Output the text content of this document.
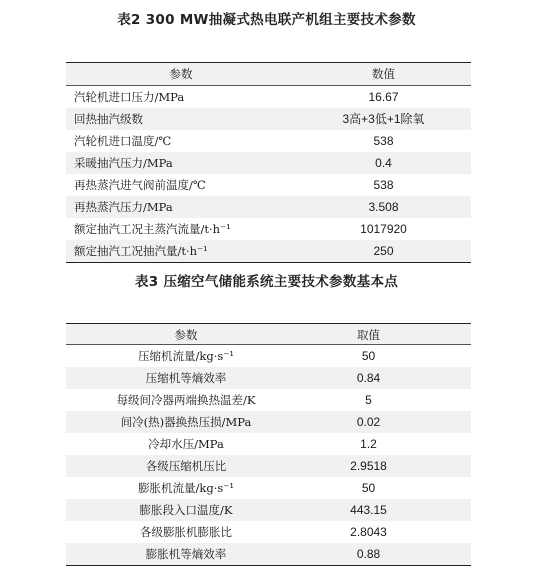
表2 300 MW抽凝式热电联产机组主要技术参数
参数	数值
汽轮机进口压力/MPa	16.67
回热抽汽级数	3高+3低+1除氧
汽轮机进口温度/℃	538
采暖抽汽压力/MPa	0.4
再热蒸汽进气阀前温度/℃	538
再热蒸汽压力/MPa	3.508
额定抽汽工况主蒸汽流量/t·h⁻¹	1017920
额定抽汽工况抽汽量/t·h⁻¹	250
表3 压缩空气储能系统主要技术参数基本点
参数	取值
压缩机流量/kg·s⁻¹	50
压缩机等熵效率	0.84
每级间冷器两端换热温差/K	5
间冷(热)器换热压损/MPa	0.02
冷却水压/MPa	1.2
各级压缩机压比	2.9518
膨胀机流量/kg·s⁻¹	50
膨胀段入口温度/K	443.15
各级膨胀机膨胀比	2.8043
膨胀机等熵效率	0.88
